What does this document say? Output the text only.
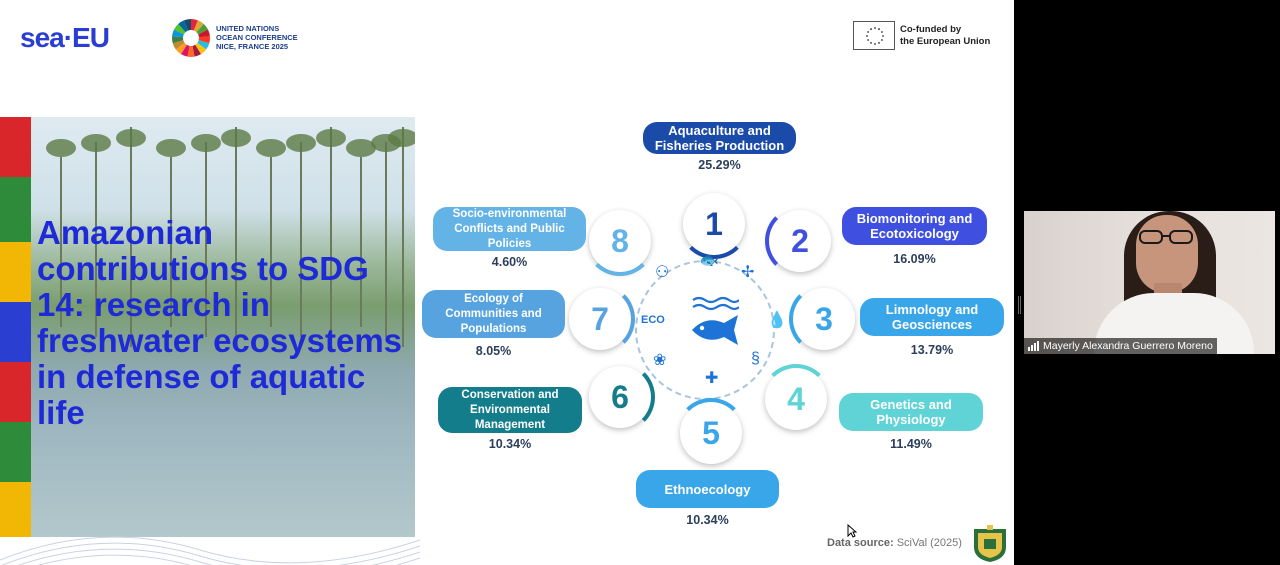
sea·EU	UNITED NATIONS
OCEAN CONFERENCE
NICE, FRANCE 2025
Co-funded by
the European Union
Amazonian contributions to SDG 14: research in freshwater ecosystems in defense of aquatic life
1
Aquaculture and Fisheries Production
25.29%
2
Biomonitoring and Ecotoxicology
16.09%
3	Limnology and Geosciences
13.79%
4	Genetics and Physiology
11.49%
5
Ethnoecology
10.34%
6
Conservation and Environmental Management
10.34%
7
Ecology of Communities and Populations
8.05%
8
Socio-environmental Conflicts and Public Policies
4.60%	🐟
✢
💧
§
✚
❀
ECO
⚇
Data source: SciVal (2025)
Mayerly Alexandra Guerrero Moreno
